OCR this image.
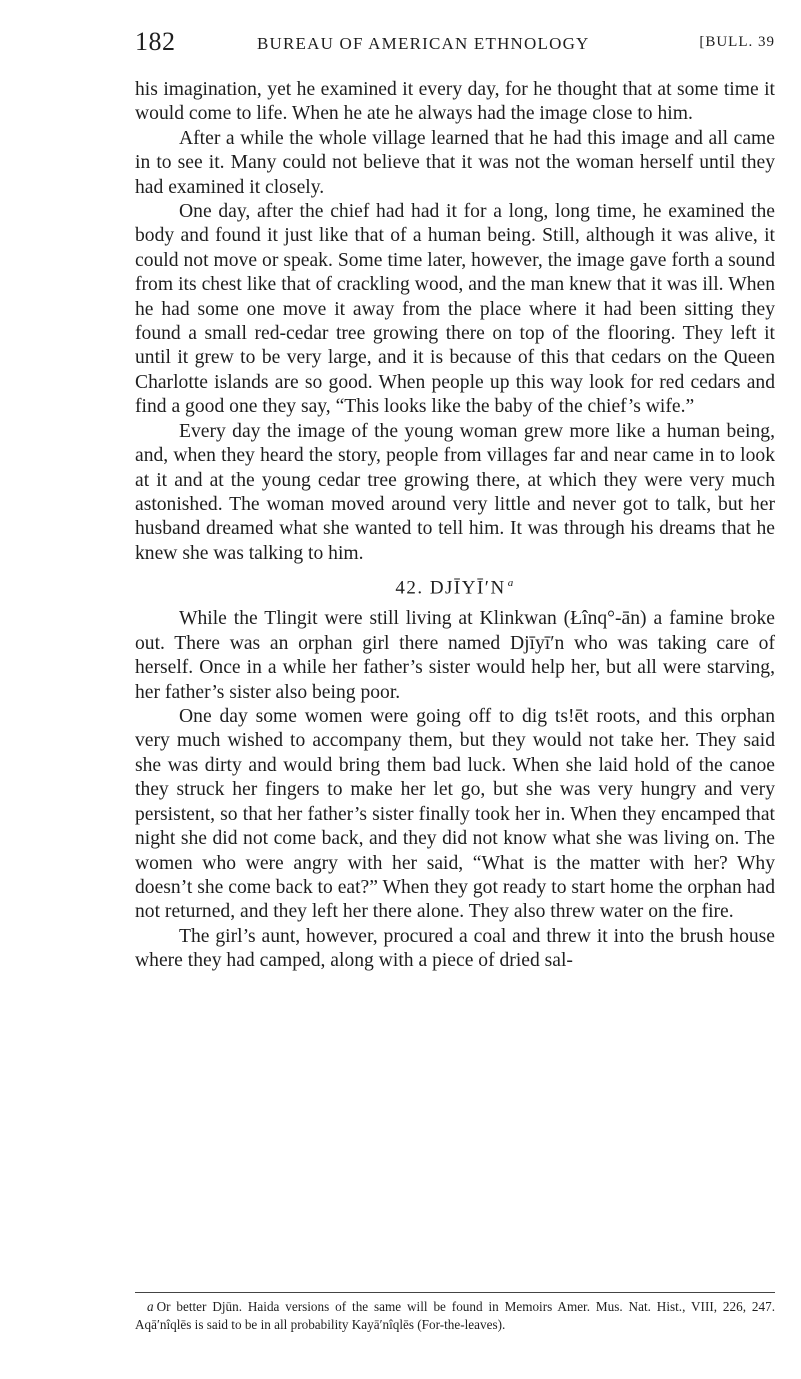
182	BUREAU OF AMERICAN ETHNOLOGY	[BULL. 39

his imagination, yet he examined it every day, for he thought that at some time it would come to life. When he ate he always had the image close to him.

After a while the whole village learned that he had this image and all came in to see it. Many could not believe that it was not the woman herself until they had examined it closely.

One day, after the chief had had it for a long, long time, he examined the body and found it just like that of a human being. Still, although it was alive, it could not move or speak. Some time later, however, the image gave forth a sound from its chest like that of crackling wood, and the man knew that it was ill. When he had some one move it away from the place where it had been sitting they found a small red-cedar tree growing there on top of the flooring. They left it until it grew to be very large, and it is because of this that cedars on the Queen Charlotte islands are so good. When people up this way look for red cedars and find a good one they say, “This looks like the baby of the chief’s wife.”

Every day the image of the young woman grew more like a human being, and, when they heard the story, people from villages far and near came in to look at it and at the young cedar tree growing there, at which they were very much astonished. The woman moved around very little and never got to talk, but her husband dreamed what she wanted to tell him. It was through his dreams that he knew she was talking to him.

42. DJĪYĪ′N $^a$

While the Tlingit were still living at Klinkwan (Łînq°-ān) a famine broke out. There was an orphan girl there named Djīyī′n who was taking care of herself. Once in a while her father’s sister would help her, but all were starving, her father’s sister also being poor.

One day some women were going off to dig ts!ēt roots, and this orphan very much wished to accompany them, but they would not take her. They said she was dirty and would bring them bad luck. When she laid hold of the canoe they struck her fingers to make her let go, but she was very hungry and very persistent, so that her father’s sister finally took her in. When they encamped that night she did not come back, and they did not know what she was living on. The women who were angry with her said, “What is the matter with her? Why doesn’t she come back to eat?” When they got ready to start home the orphan had not returned, and they left her there alone. They also threw water on the fire.

The girl’s aunt, however, procured a coal and threw it into the brush house where they had camped, along with a piece of dried sal-

a Or better Djūn. Haida versions of the same will be found in Memoirs Amer. Mus. Nat. Hist., VIII, 226, 247. Aqā′nîqlēs is said to be in all probability Kayā′nîqlēs (For-the-leaves).
